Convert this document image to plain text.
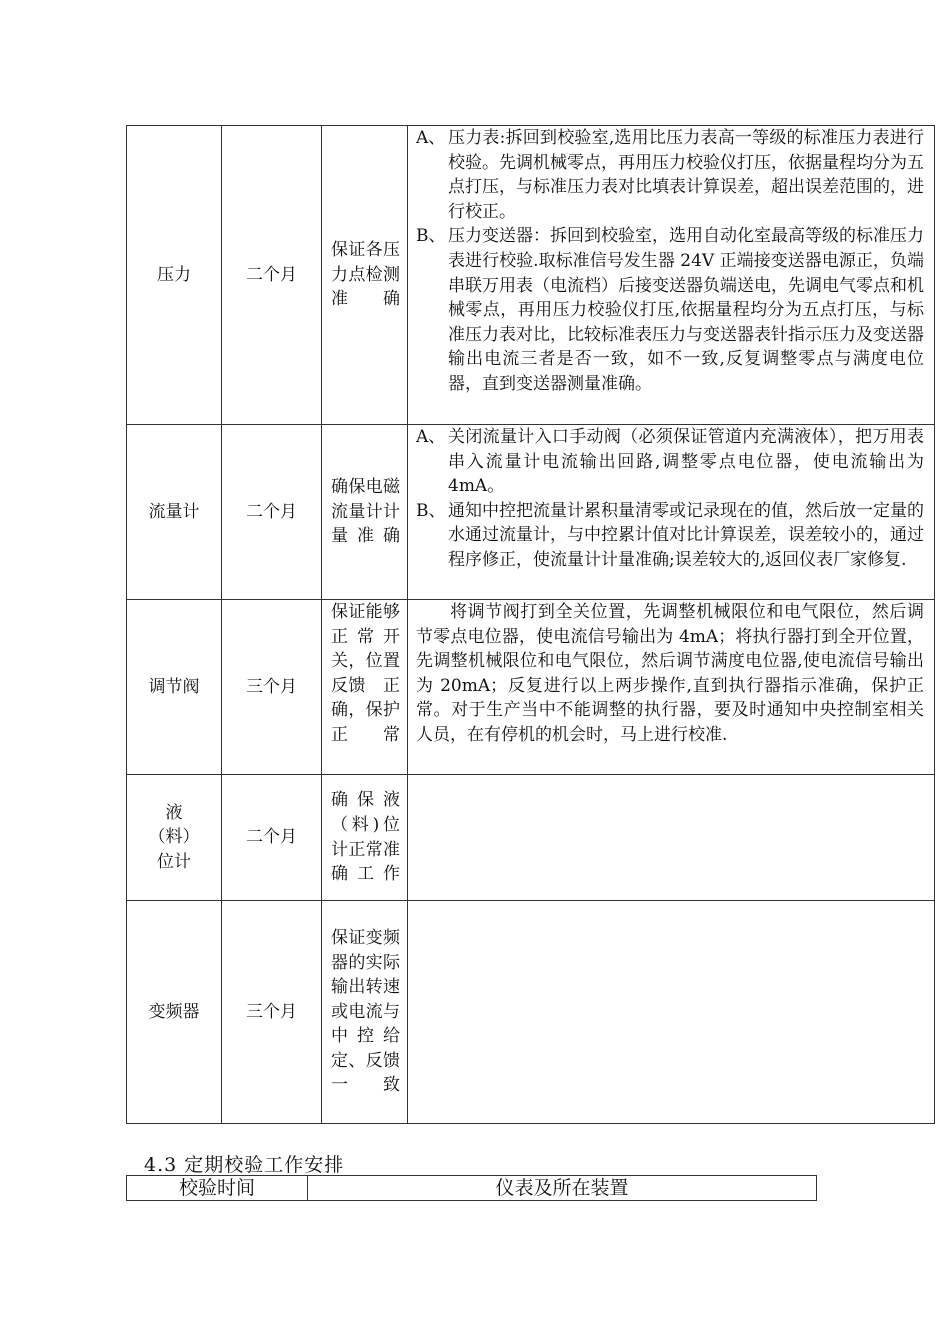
压力	二个月	保证各压力点检测准确	A、 压力表:拆回到校验室,选用比压力表高一等级的标准压力表进行校验。先调机械零点，再用压力校验仪打压，依据量程均分为五点打压，与标准压力表对比填表计算误差，超出误差范围的，进行校正。
B、 压力变送器：拆回到校验室，选用自动化室最高等级的标准压力表进行校验.取标准信号发生器 24V 正端接变送器电源正，负端串联万用表（电流档）后接变送器负端送电，先调电气零点和机械零点，再用压力校验仪打压,依据量程均分为五点打压，与标准压力表对比，比较标准表压力与变送器表针指示压力及变送器输出电流三者是否一致，如不一致,反复调整零点与满度电位器，直到变送器测量准确。

流量计	二个月	确保电磁流量计计量准确	A、 关闭流量计入口手动阀（必须保证管道内充满液体），把万用表串入流量计电流输出回路,调整零点电位器，使电流输出为 4mA。
B、 通知中控把流量计累积量清零或记录现在的值，然后放一定量的水通过流量计，与中控累计值对比计算误差，误差较小的，通过程序修正，使流量计计量准确;误差较大的,返回仪表厂家修复.

调节阀	三个月	保证能够正常开关，位置反馈　正确，保护正常	将调节阀打到全关位置，先调整机械限位和电气限位，然后调节零点电位器，使电流信号输出为 4mA；将执行器打到全开位置，先调整机械限位和电气限位，然后调节满度电位器,使电流信号输出为 20mA；反复进行以上两步操作,直到执行器指示准确，保护正常。对于生产当中不能调整的执行器，要及时通知中央控制室相关人员，在有停机的机会时，马上进行校准.

液（料）位计	二个月	确保液（料)位计正常准确工作	
变频器	三个月	保证变频器的实际输出转速或电流与中控给定、反馈一致	
4.3 定期校验工作安排
校验时间	仪表及所在装置
